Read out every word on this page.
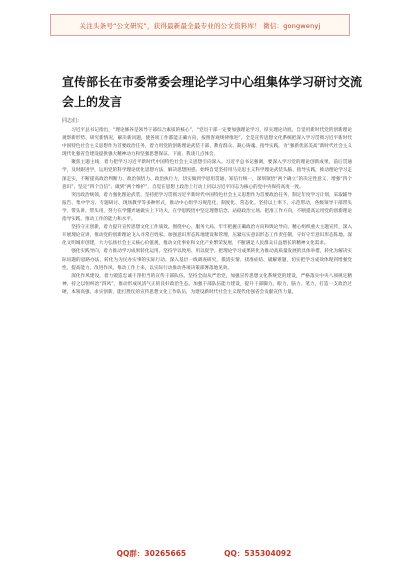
关注头条号“公文研究”，获得最新最全最专业的公文资料库！ 微信：gongwenyj
宣传部长在市委常委会理论学习中心组集体学习研讨交流会上的发言
同志们：

习近平总书记指出，“理论修养是领导干部综合素质的核心”，“党员干部一定要加强理论学习，厚实理论功底，自觉用新时代党的创新理论观察新形势、研究新情况，解决新问题，使各项工作都能正确方向，按照客观规律推进”。全是宣传思想文化系统把深入学习贯彻习近平新时代中国特色社会主义思想作为首要政治任务，着力用党的创新理论武装干部、教育群众、凝心铸魂、指导实践，为“强新优富美高”新时代社会主义现代化强省会建设提供强大精神动力和坚强思想保证。下面，我谈几点体会。

聚焦主题主线，着力把学习习近平新时代中国特色社会主义思想引向深入。习近平总书记强调，要深入学习党的理论创新成果，前后贯通学，及时跟进学，运用党的科学理论优化思想方法，解决思想困惑。始终自觉坚持用马克思主义科学理论武装头脑、指导实践，推动理论学习走深走实，不断提高政治判断力、政治领悟力、政治执行力，切实做到学思用贯通、知信行统一，深刻领悟“两个确立”的决定性意义，增强“四个意识”、坚定“四个自信”、做到“两个维护”，自觉在思想上政治上行动上同以习近平同志为核心的党中央保持高度一致。

突出政治统领，着力强化理论武装。坚持把学习贯彻习近平新时代中国特色社会主义思想作为首要政治任务，制定年度学习计划，采取辅导报告、集中学习、专题研讨、现场教学等多种形式，推动中心组学习规范化、制度化、常态化。坚持以上率下、示范带动，各级领导干部带头学、带头讲、带头用，努力在学懂弄通做实上下功夫，在学思践悟中坚定理想信念、站稳政治立场、把准工作方向，不断提高运用党的创新理论指导实践、推动工作的能力和水平。

坚持守正创新，着力提升宣传思想文化工作质效。围绕中心、服务大局，牢牢把握正确政治方向和舆论导向，精心组织重大主题宣传，深入开展理论宣讲，推动党的创新理论飞入寻常百姓家。加强意识形态阵地建设和管理，压紧压实意识形态工作责任制，守好守牢意识形态阵地。深化文明城市创建，大力弘扬社会主义核心价值观，推动文化事业和文化产业繁荣发展，不断满足人民群众日益增长的精神文化需求。

强化实践导向，着力推动学习成果转化运用。坚持学以致用、用以促学，把理论学习成果转化为推动高质量发展的具体举措，转化为解决实际问题的思路办法，转化为为民办实事的实际行动。深入基层一线调查研究，摸清实情、找准症结、破解难题，切实把学习成效体现到增强党性、提高能力、改进作风、推动工作上来，以实际行动推动各项决策部署落地见效。

深化作风建设，着力锻造忠诚干净担当的宣传干部队伍。坚持全面从严治党，加强宣传思想文化系统党的建设，严格落实中央八项规定精神，持之以恒纠治“四风”，推动形成风清气正的良好政治生态。加强干部队伍能力建设，提升干部脚力、眼力、脑力、笔力，打造一支政治过硬、本领高强、求实创新、能打胜仗的宣传思想文化工作队伍，为建设新时代社会主义现代化强省会贡献宣传力量。

QQ群：30265665	QQ：535304092
